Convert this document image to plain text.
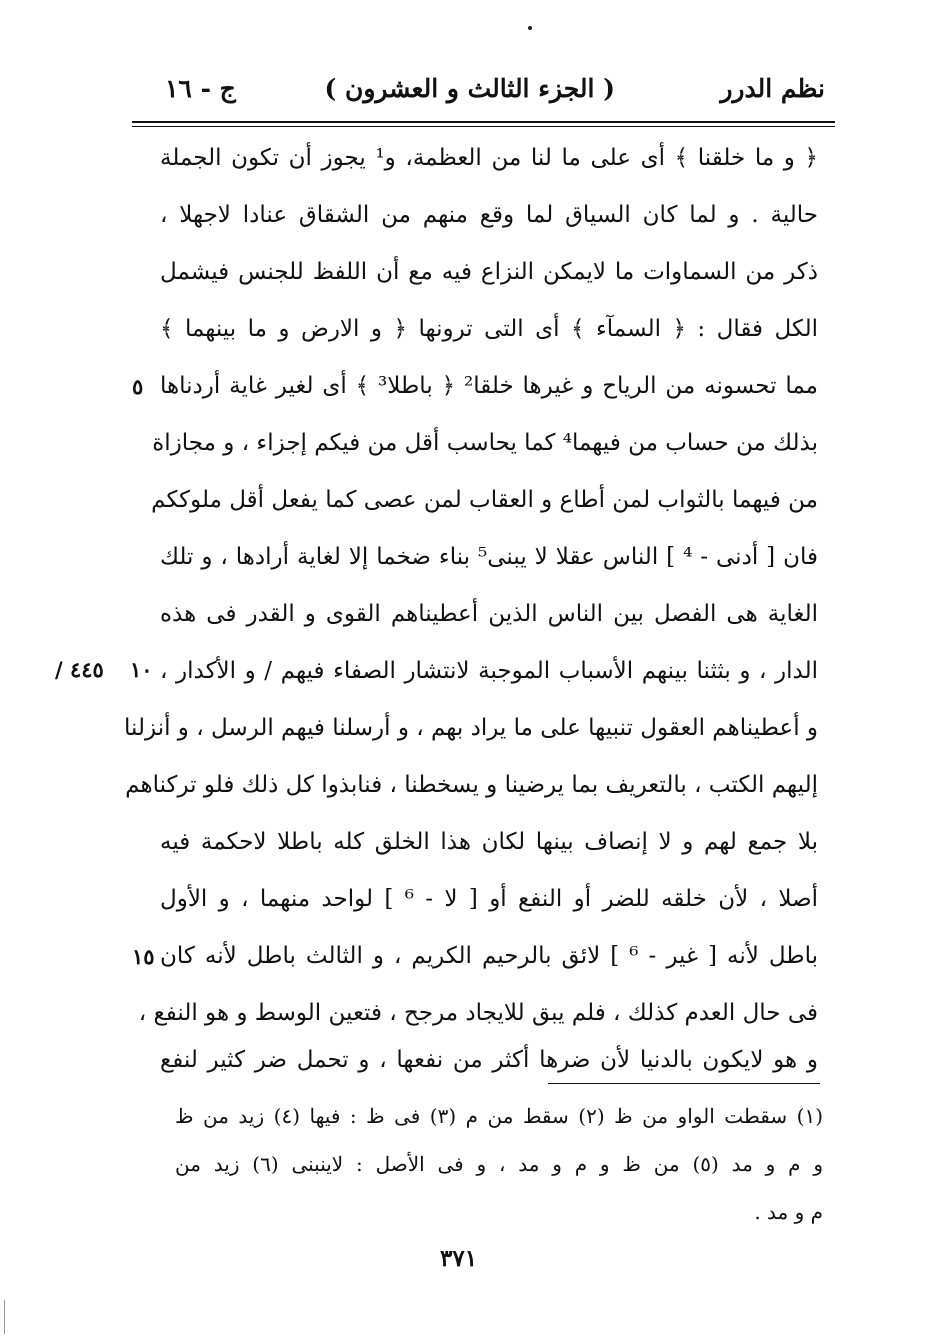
نظم الدرر
( الجزء الثالث و العشرون )
ج - ١٦
﴿ و ما خلقنا ﴾ أى على ما لنا من العظمة، و¹ يجوز أن تكون الجملة
حالية . و لما كان السياق لما وقع منهم من الشقاق عنادا لاجهلا ،
ذكر من السماوات ما لايمكن النزاع فيه مع أن اللفظ للجنس فيشمل
الكل فقال : ﴿ السمآء ﴾ أى التى ترونها ﴿ و الارض و ما بينهما ﴾
مما تحسونه من الرياح و غيرها خلقا² ﴿ باطلا³ ﴾ أى لغير غاية أردناها
بذلك من حساب من فيهما⁴ كما يحاسب أقل من فيكم إجزاء ، و مجازاة
من فيهما بالثواب لمن أطاع و العقاب لمن عصى كما يفعل أقل ملوككم
فان [ أدنى - ⁴ ] الناس عقلا لا يبنى⁵ بناء ضخما إلا لغاية أرادها ، و تلك
الغاية هى الفصل بين الناس الذين أعطيناهم القوى و القدر فى هذه
الدار ، و بثثنا بينهم الأسباب الموجبة لانتشار الصفاء فيهم / و الأكدار ،
و أعطيناهم العقول تنبيها على ما يراد بهم ، و أرسلنا فيهم الرسل ، و أنزلنا
إليهم الكتب ، بالتعريف بما يرضينا و يسخطنا ، فنابذوا كل ذلك فلو تركناهم
بلا جمع لهم و لا إنصاف بينها لكان هذا الخلق كله باطلا لاحكمة فيه
أصلا ، لأن خلقه للضر أو النفع أو [ لا - ⁶ ] لواحد منهما ، و الأول
باطل لأنه [ غير - ⁶ ] لائق بالرحيم الكريم ، و الثالث باطل لأنه كان
فى حال العدم كذلك ، فلم يبق للايجاد مرجح ، فتعين الوسط و هو النفع ،
و هو لايكون بالدنيا لأن ضرها أكثر من نفعها ، و تحمل ضر كثير لنفع
٥
١٠
٤٤٥ /
١٥
(١) سقطت الواو من ظ (٢) سقط من م (٣) فى ظ : فيها (٤) زيد من ظ
و م و مد (٥) من ظ و م و مد ، و فى الأصل : لاينبنى (٦) زيد من
م و مد .
٣٧١
